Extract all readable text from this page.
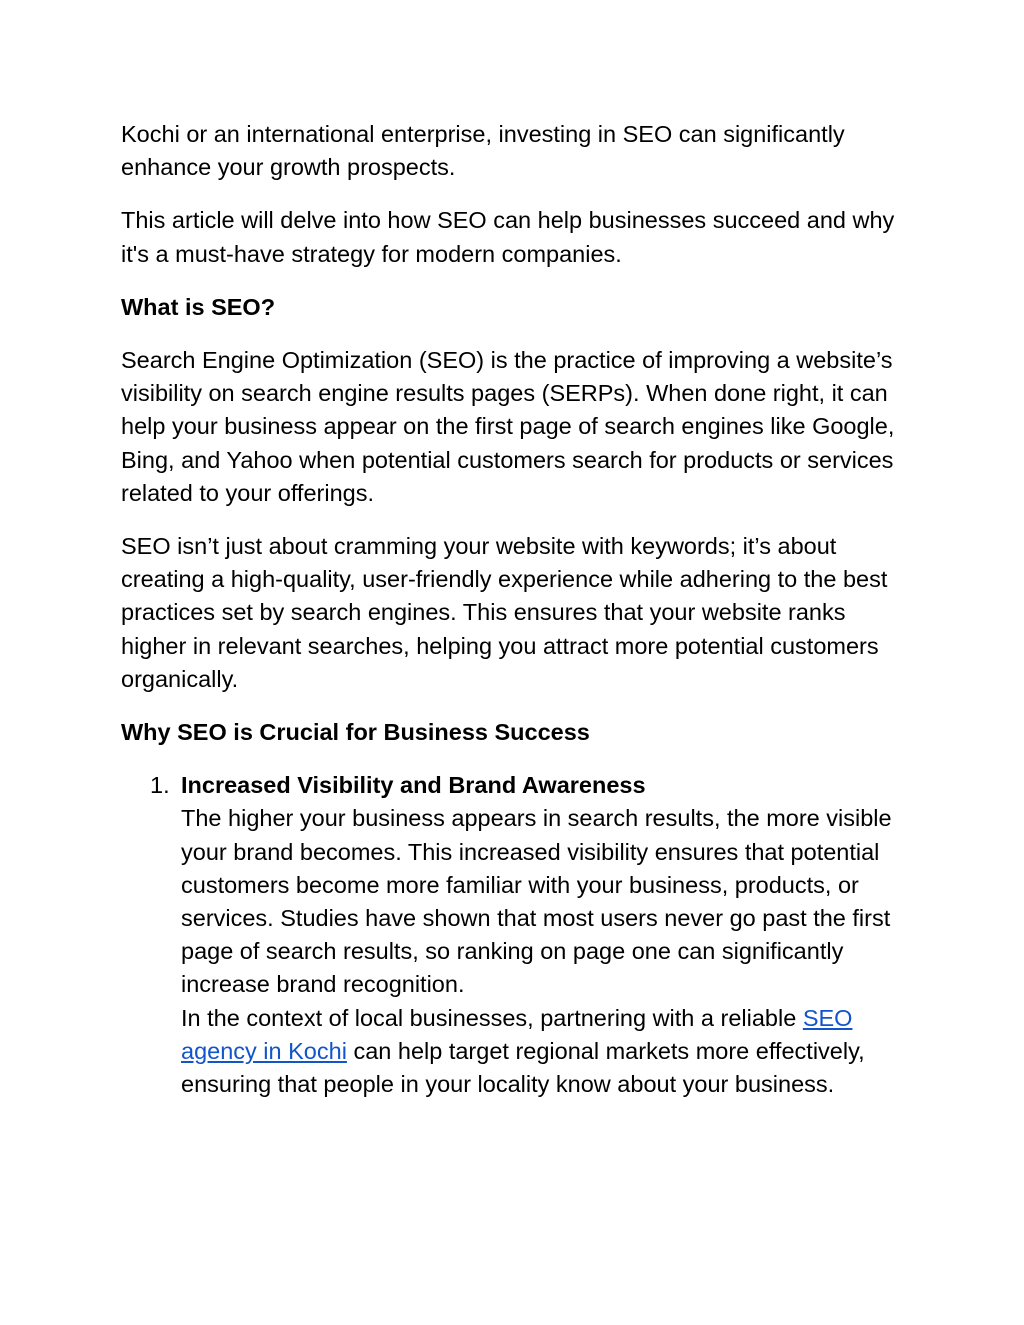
Kochi or an international enterprise, investing in SEO can significantly enhance your growth prospects.

This article will delve into how SEO can help businesses succeed and why it's a must-have strategy for modern companies.

What is SEO?

Search Engine Optimization (SEO) is the practice of improving a website’s visibility on search engine results pages (SERPs). When done right, it can help your business appear on the first page of search engines like Google, Bing, and Yahoo when potential customers search for products or services related to your offerings.

SEO isn’t just about cramming your website with keywords; it’s about creating a high-quality, user-friendly experience while adhering to the best practices set by search engines. This ensures that your website ranks higher in relevant searches, helping you attract more potential customers organically.

Why SEO is Crucial for Business Success

1. Increased Visibility and Brand Awareness
The higher your business appears in search results, the more visible your brand becomes. This increased visibility ensures that potential customers become more familiar with your business, products, or services. Studies have shown that most users never go past the first page of search results, so ranking on page one can significantly increase brand recognition.
In the context of local businesses, partnering with a reliable SEO agency in Kochi can help target regional markets more effectively, ensuring that people in your locality know about your business.
